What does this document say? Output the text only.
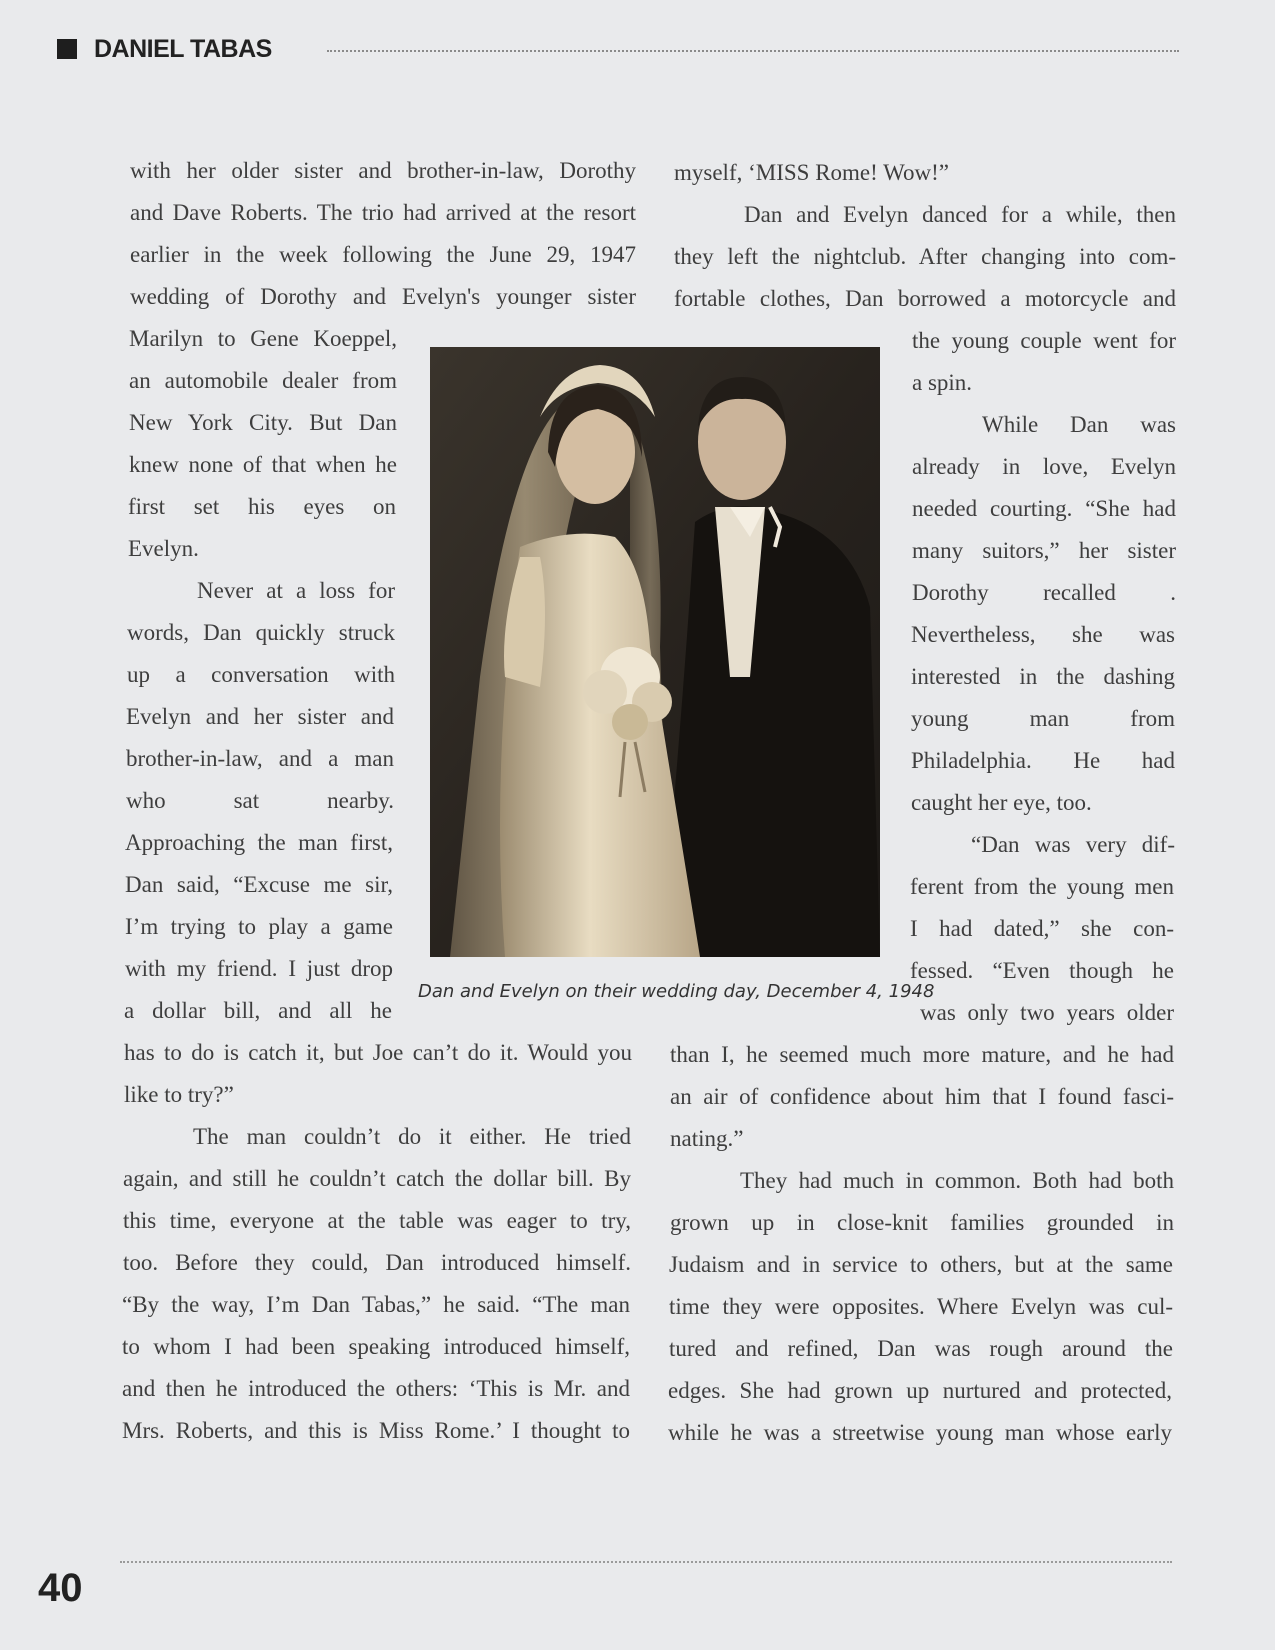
DANIEL TABAS
with her older sister and brother-in-law, Dorothy
and Dave Roberts. The trio had arrived at the resort
earlier in the week following the June 29, 1947
wedding of Dorothy and Evelyn's younger sister
Marilyn to Gene Koeppel,
an automobile dealer from
New York City. But Dan
knew none of that when he
first set his eyes on
Evelyn.
Never at a loss for
words, Dan quickly struck
up a conversation with
Evelyn and her sister and
brother-in-law, and a man
who sat nearby.
Approaching the man first,
Dan said, “Excuse me sir,
I’m trying to play a game
with my friend. I just drop
a dollar bill, and all he
has to do is catch it, but Joe can’t do it. Would you
like to try?”
The man couldn’t do it either. He tried
again, and still he couldn’t catch the dollar bill. By
this time, everyone at the table was eager to try,
too. Before they could, Dan introduced himself.
“By the way, I’m Dan Tabas,” he said. “The man
to whom I had been speaking introduced himself,
and then he introduced the others: ‘This is Mr. and
Mrs. Roberts, and this is Miss Rome.’ I thought to
myself, ‘MISS Rome! Wow!”
Dan and Evelyn danced for a while, then
they left the nightclub. After changing into com-
fortable clothes, Dan borrowed a motorcycle and
the young couple went for
a spin.
While Dan was
already in love, Evelyn
needed courting. “She had
many suitors,” her sister
Dorothy recalled .
Nevertheless, she was
interested in the dashing
young man from
Philadelphia. He had
caught her eye, too.
“Dan was very dif-
ferent from the young men
I had dated,” she con-
fessed. “Even though he
was only two years older
than I, he seemed much more mature, and he had
an air of confidence about him that I found fasci-
nating.”
They had much in common. Both had both
grown up in close-knit families grounded in
Judaism and in service to others, but at the same
time they were opposites. Where Evelyn was cul-
tured and refined, Dan was rough around the
edges. She had grown up nurtured and protected,
while he was a streetwise young man whose early
Dan and Evelyn on their wedding day, December 4, 1948
40
